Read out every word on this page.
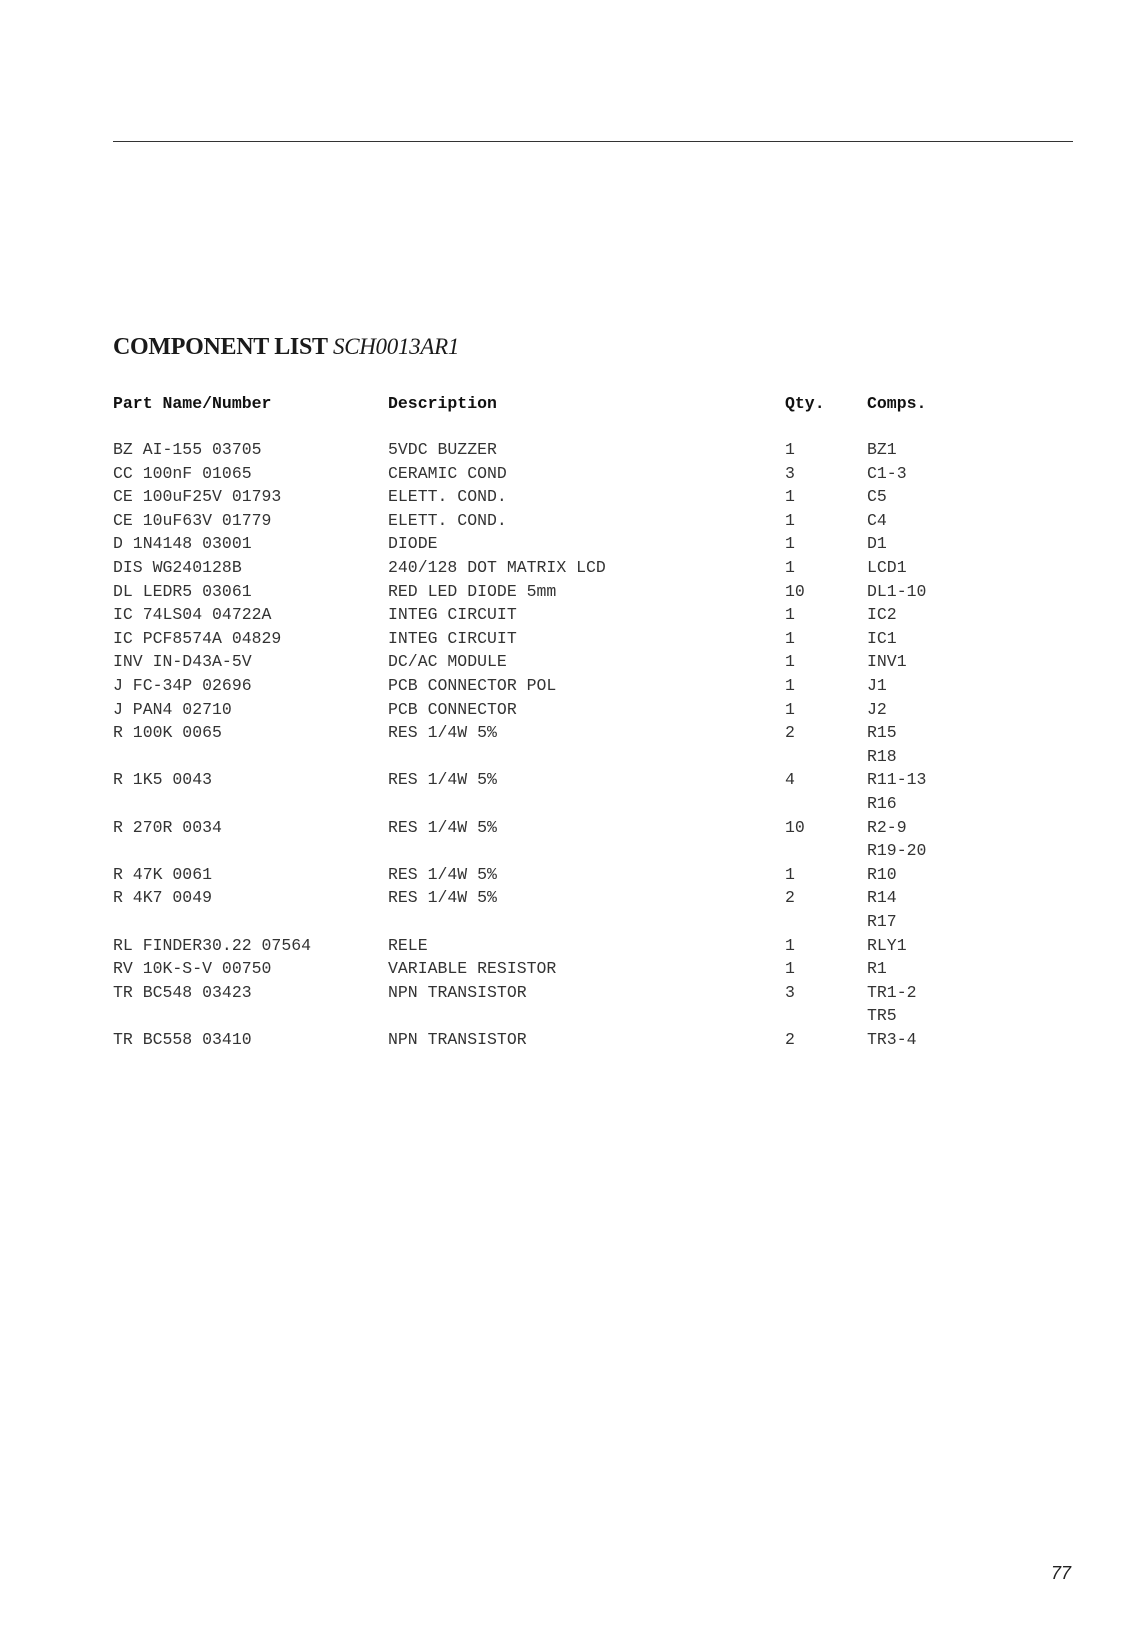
COMPONENT LIST SCH0013AR1
Part Name/Number	Description	Qty.	Comps.
BZ AI-155 03705	5VDC BUZZER	1	BZ1
CC 100nF 01065	CERAMIC COND	3	C1-3
CE 100uF25V 01793	ELETT. COND.	1	C5
CE 10uF63V 01779	ELETT. COND.	1	C4
D 1N4148 03001	DIODE	1	D1
DIS WG240128B	240/128 DOT MATRIX LCD	1	LCD1
DL LEDR5 03061	RED LED DIODE 5mm	10	DL1-10
IC 74LS04 04722A	INTEG CIRCUIT	1	IC2
IC PCF8574A 04829	INTEG CIRCUIT	1	IC1
INV IN-D43A-5V	DC/AC MODULE	1	INV1
J FC-34P 02696	PCB CONNECTOR POL	1	J1
J PAN4 02710	PCB CONNECTOR	1	J2
R 100K 0065	RES 1/4W 5%	2	R15
R18
R 1K5 0043	RES 1/4W 5%	4	R11-13
R16
R 270R 0034	RES 1/4W 5%	10	R2-9
R19-20
R 47K 0061	RES 1/4W 5%	1	R10
R 4K7 0049	RES 1/4W 5%	2	R14
R17
RL FINDER30.22 07564	RELE	1	RLY1
RV 10K-S-V 00750	VARIABLE RESISTOR	1	R1
TR BC548 03423	NPN TRANSISTOR	3	TR1-2
TR5
TR BC558 03410	NPN TRANSISTOR	2	TR3-4
77
